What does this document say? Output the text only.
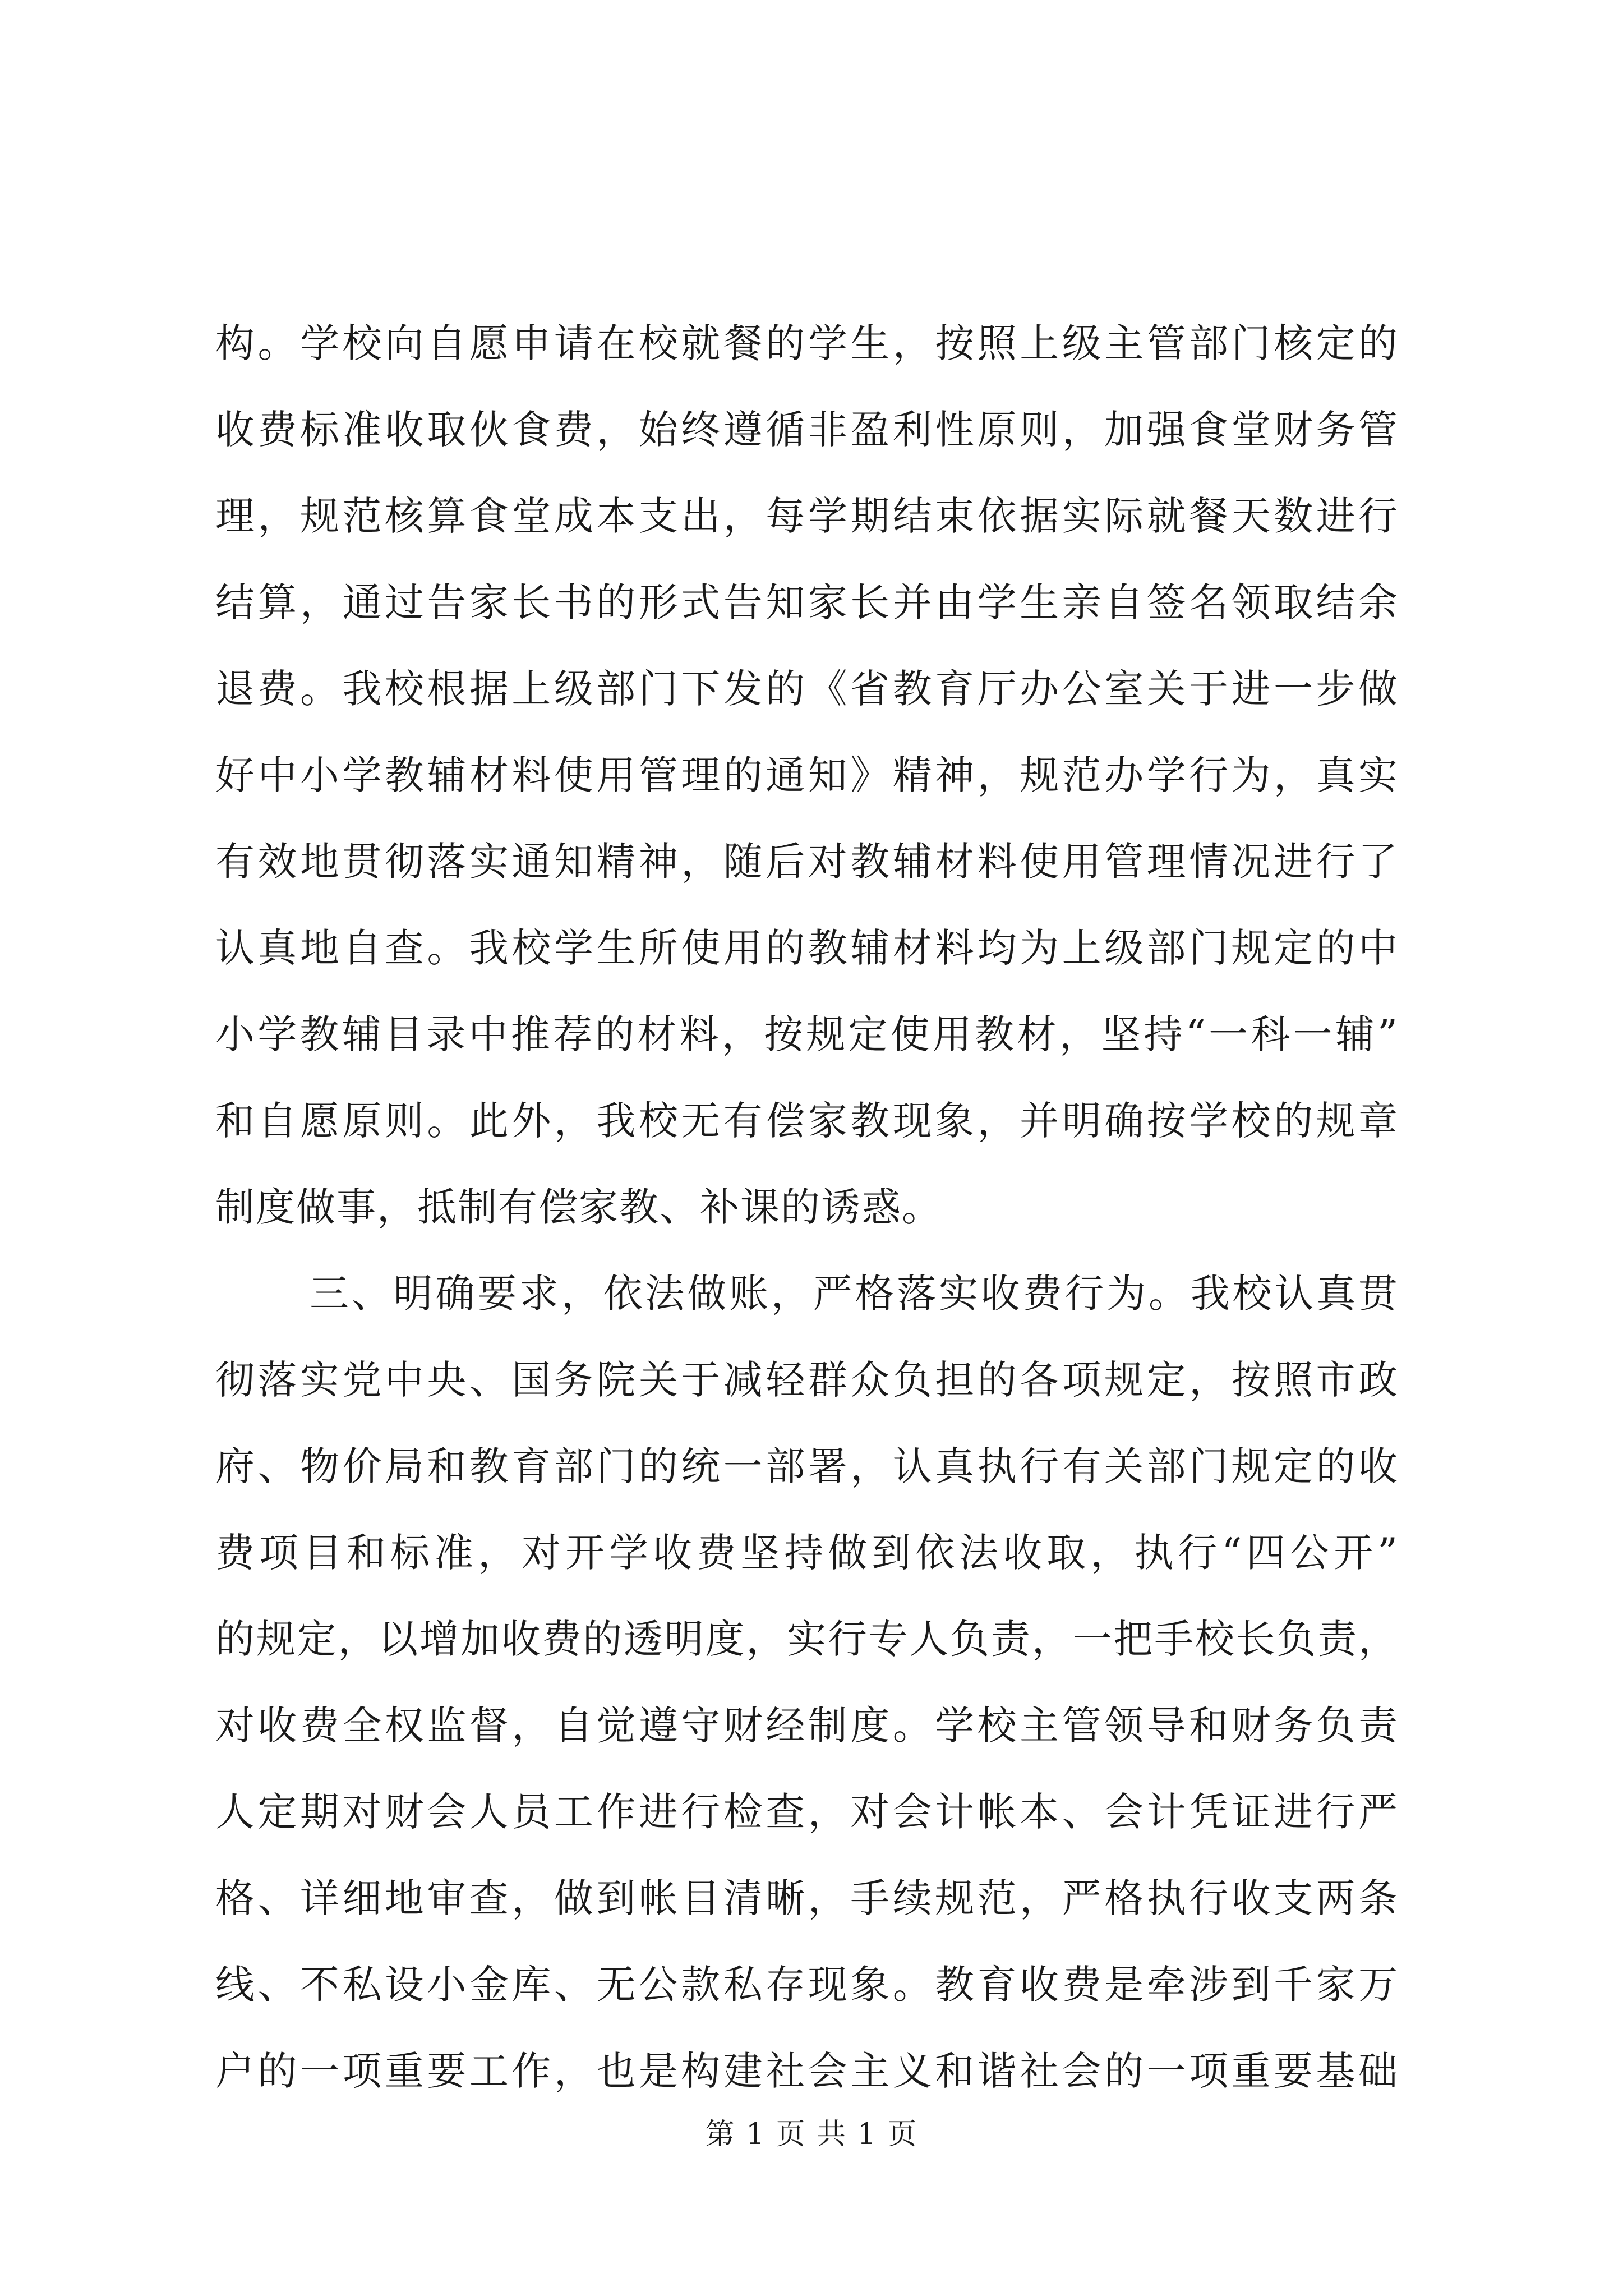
构。学校向自愿申请在校就餐的学生，按照上级主管部门核定的
收费标准收取伙食费，始终遵循非盈利性原则，加强食堂财务管
理，规范核算食堂成本支出，每学期结束依据实际就餐天数进行
结算，通过告家长书的形式告知家长并由学生亲自签名领取结余
退费。我校根据上级部门下发的《省教育厅办公室关于进一步做
好中小学教辅材料使用管理的通知》精神，规范办学行为，真实
有效地贯彻落实通知精神，随后对教辅材料使用管理情况进行了
认真地自查。我校学生所使用的教辅材料均为上级部门规定的中
小学教辅目录中推荐的材料，按规定使用教材，坚持“一科一辅”
和自愿原则。此外，我校无有偿家教现象，并明确按学校的规章
制度做事，抵制有偿家教、补课的诱惑。
三、明确要求，依法做账，严格落实收费行为。我校认真贯
彻落实党中央、国务院关于减轻群众负担的各项规定，按照市政
府、物价局和教育部门的统一部署，认真执行有关部门规定的收
费项目和标准，对开学收费坚持做到依法收取，执行“四公开”
的规定，以增加收费的透明度，实行专人负责，一把手校长负责，
对收费全权监督，自觉遵守财经制度。学校主管领导和财务负责
人定期对财会人员工作进行检查，对会计帐本、会计凭证进行严
格、详细地审查，做到帐目清晰，手续规范，严格执行收支两条
线、不私设小金库、无公款私存现象。教育收费是牵涉到千家万
户的一项重要工作，也是构建社会主义和谐社会的一项重要基础
第 1 页 共 1 页
